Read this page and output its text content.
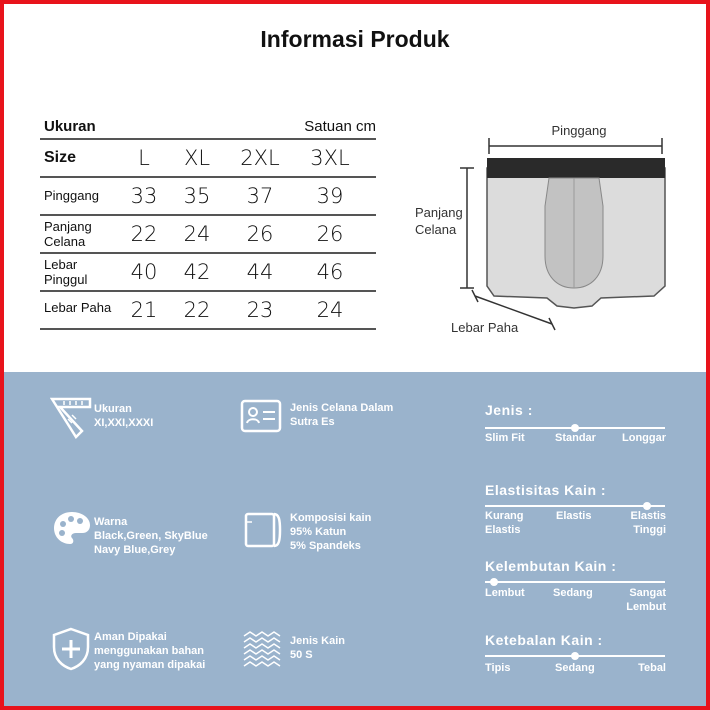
Informasi Produk
Ukuran	Satuan cm
Size	L	XL	2XL 3XL
Pinggang	33	35	37	39
Panjang
Celana	22	24	26	26
Lebar
Pinggul	40	42	44	46
Lebar Paha 21	22	23	24
Pinggang
Panjang
Celana
Lebar Paha
Ukuran
XI,XXI,XXXI
Jenis Celana Dalam
Sutra Es
Warna
Black,Green, SkyBlue
Navy Blue,Grey
Komposisi kain
95% Katun
5% Spandeks
Aman Dipakai
menggunakan bahan
yang nyaman dipakai
Jenis Kain
50 S
Jenis :
Slim Fit	Standar Longgar
Elastisitas Kain :
Kurang Elastis
Elastis	Elastis Tinggi
Kelembutan Kain :
Lembut	Sedang	Sangat Lembut
Ketebalan Kain :
Tipis	Sedang	Tebal
